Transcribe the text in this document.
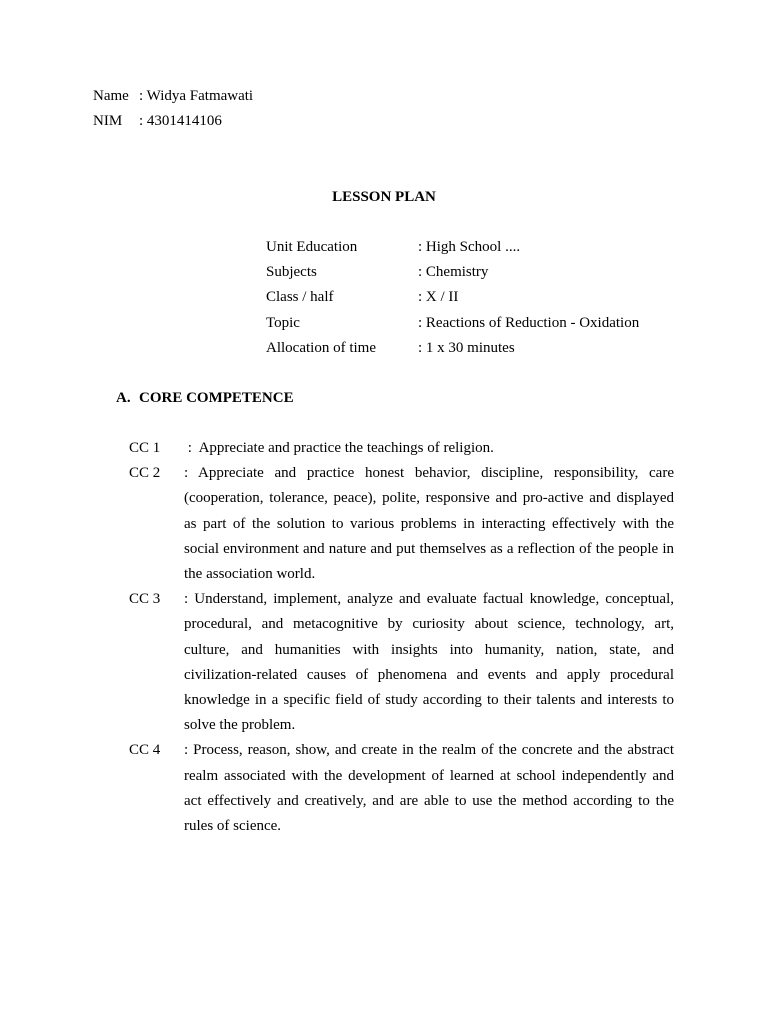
Name : Widya Fatmawati
NIM	: 4301414106
LESSON PLAN
Unit Education	: High School ....
Subjects	: Chemistry
Class / half	: X / II
Topic	: Reactions of Reduction - Oxidation
Allocation of time	: 1 x 30 minutes
A. CORE COMPETENCE
CC 1	:  Appreciate and practice the teachings of religion.
CC 2	: Appreciate and practice honest behavior, discipline, responsibility, care (cooperation, tolerance, peace), polite, responsive and pro-active and displayed as part of the solution to various problems in interacting effectively with the social environment and nature and put themselves as a reflection of the people in the association world.
CC 3	: Understand, implement, analyze and evaluate factual knowledge, conceptual, procedural, and metacognitive by curiosity about science, technology, art, culture, and humanities with insights into humanity, nation, state, and civilization-related causes of phenomena and events and apply procedural knowledge in a specific field of study according to their talents and interests to solve the problem.
CC 4	: Process, reason, show, and create in the realm of the concrete and the abstract realm associated with the development of learned at school independently and act effectively and creatively, and are able to use the method according to the rules of science.
